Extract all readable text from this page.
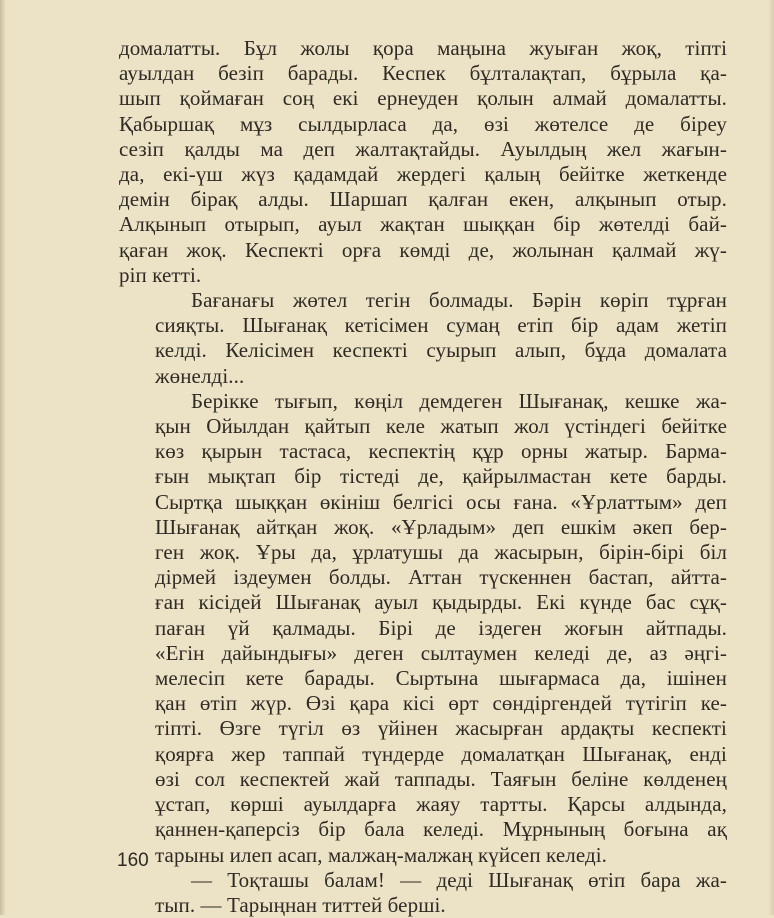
домалатты. Бұл жолы қора маңына жуыған жоқ, тіпті
ауылдан безіп барады. Кеспек бұлталақтап, бұрыла қа-
шып қоймаған соң екі ернеуден қолын алмай домалатты.
Қабыршақ мұз сылдырласа да, өзі жөтелсе де біреу
сезіп қалды ма деп жалтақтайды. Ауылдың жел жағын-
да, екі-үш жүз қадамдай жердегі қалың бейітке жеткенде
демін бірақ алды. Шаршап қалған екен, алқынып отыр.
Алқынып отырып, ауыл жақтан шыққан бір жөтелді бай-
қаған жоқ. Кеспекті орға көмді де, жолынан қалмай жү-
ріп кетті.
Бағанағы жөтел тегін болмады. Бәрін көріп тұрған
сияқты. Шығанақ кетісімен сумаң етіп бір адам жетіп
келді. Келісімен кеспекті суырып алып, бұда домалата
жөнелді...
Берікке тығып, көңіл демдеген Шығанақ, кешке жа-
қын Ойылдан қайтып келе жатып жол үстіндегі бейітке
көз қырын тастаса, кеспектің құр орны жатыр. Бармa-
ғын мықтап бір тістеді де, қайрылмастан кете барды.
Сыртқа шыққан өкініш белгісі осы ғана. «Ұрлаттым» деп
Шығанақ айтқан жоқ. «Ұрладым» деп ешкім әкеп бер-
ген жоқ. Ұры да, ұрлатушы да жасырын, бірін-бірі біл
дірмей іздеумен болды. Аттан түскеннен бастап, айтта-
ған кісідей Шығанақ ауыл қыдырды. Екі күнде бас сұқ-
паған үй қалмады. Бірі де іздеген жоғын айтпады.
«Егін дайындығы» деген сылтаумен келеді де, аз әңгі-
мелесіп кете барады. Сыртына шығармаса да, ішінен
қан өтіп жүр. Өзі қара кісі өрт сөндіргендей түтігіп ке-
тіпті. Өзге түгіл өз үйінен жасырған ардақты кеспекті
қоярға жер таппай түндерде домалатқан Шығанақ, енді
өзі сол кеспектей жай таппады. Таяғын беліне көлденең
ұстап, көрші ауылдарға жаяу тартты. Қарсы алдында,
қаннен-қаперсіз бір бала келеді. Мұрнының боғына ақ
тарыны илеп асап, малжаң-малжаң күйсеп келеді.
— Тоқташы балам! — деді Шығанақ өтіп бара жа-
тып. — Тарыңнан титтей берші.
160
